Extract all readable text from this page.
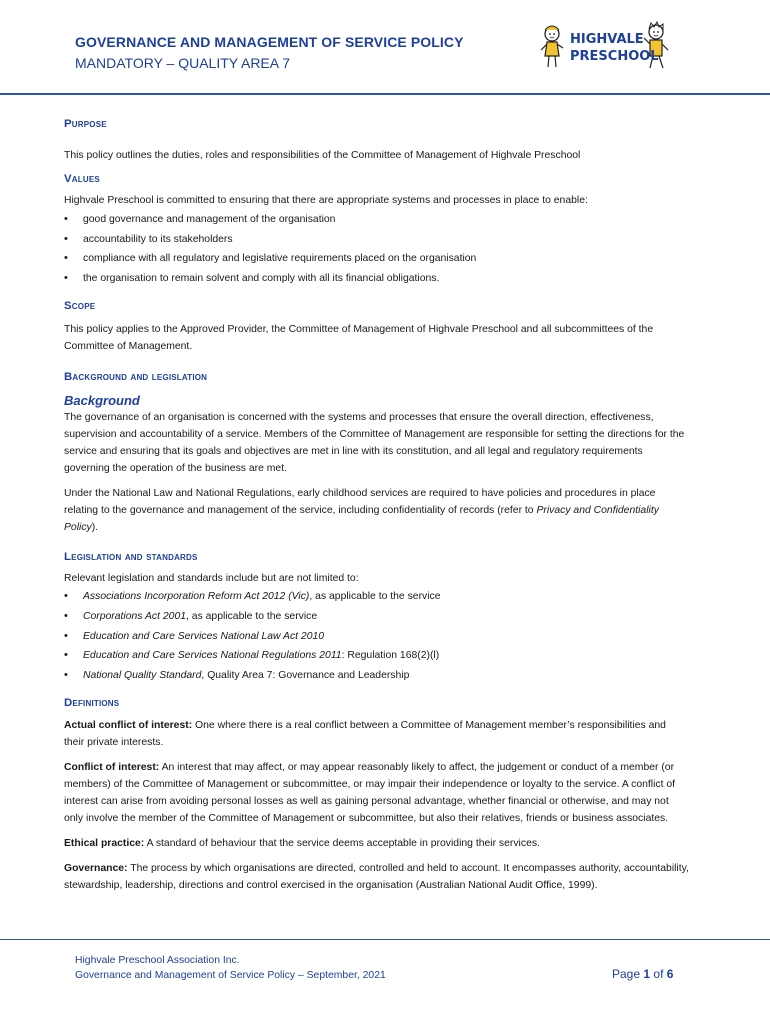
GOVERNANCE AND MANAGEMENT OF SERVICE POLICY
MANDATORY – QUALITY AREA 7
HIGHVALE
PRESCHOOL
Purpose

This policy outlines the duties, roles and responsibilities of the Committee of Management of Highvale Preschool

Values

Highvale Preschool is committed to ensuring that there are appropriate systems and processes in place to enable:

• good governance and management of the organisation
• accountability to its stakeholders
• compliance with all regulatory and legislative requirements placed on the organisation
• the organisation to remain solvent and comply with all its financial obligations.
Scope

This policy applies to the Approved Provider, the Committee of Management of Highvale Preschool and all subcommittees of the Committee of Management.

Background and legislation

Background

The governance of an organisation is concerned with the systems and processes that ensure the overall direction, effectiveness, supervision and accountability of a service. Members of the Committee of Management are responsible for setting the directions for the service and ensuring that its goals and objectives are met in line with its constitution, and all legal and regulatory requirements governing the operation of the business are met.

Under the National Law and National Regulations, early childhood services are required to have policies and procedures in place relating to the governance and management of the service, including confidentiality of records (refer to Privacy and Confidentiality Policy).

Legislation and standards

Relevant legislation and standards include but are not limited to:

• Associations Incorporation Reform Act 2012 (Vic), as applicable to the service
• Corporations Act 2001, as applicable to the service
• Education and Care Services National Law Act 2010
• Education and Care Services National Regulations 2011: Regulation 168(2)(l)
• National Quality Standard, Quality Area 7: Governance and Leadership
Definitions

Actual conflict of interest: One where there is a real conflict between a Committee of Management member’s responsibilities and their private interests.

Conflict of interest: An interest that may affect, or may appear reasonably likely to affect, the judgement or conduct of a member (or members) of the Committee of Management or subcommittee, or may impair their independence or loyalty to the service. A conflict of interest can arise from avoiding personal losses as well as gaining personal advantage, whether financial or otherwise, and may not only involve the member of the Committee of Management or subcommittee, but also their relatives, friends or business associates.

Ethical practice: A standard of behaviour that the service deems acceptable in providing their services.

Governance: The process by which organisations are directed, controlled and held to account. It encompasses authority, accountability, stewardship, leadership, directions and control exercised in the organisation (Australian National Audit Office, 1999).

Highvale Preschool Association Inc.
Governance and Management of Service Policy – September, 2021	Page 1 of 6
